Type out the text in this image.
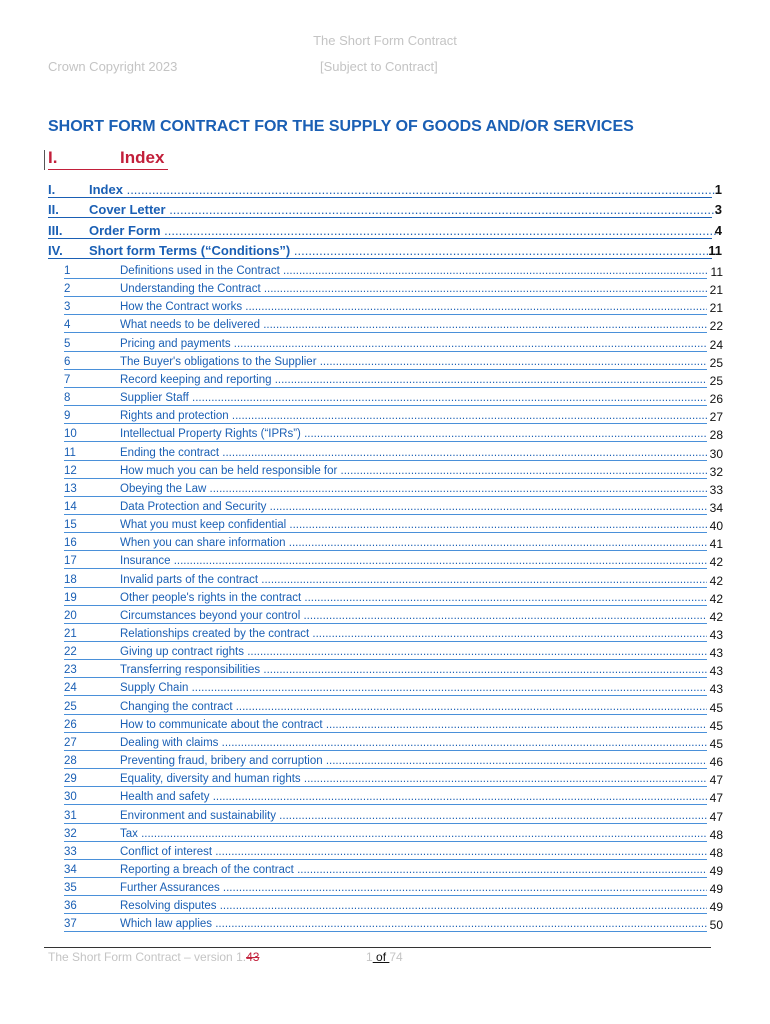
The Short Form Contract
Crown Copyright 2023	[Subject to Contract]
SHORT FORM CONTRACT FOR THE SUPPLY OF GOODS AND/OR SERVICES
I.	Index
I.	Index .....	1
II. Cover Letter .....	3
III. Order Form .....	4
IV. Short form Terms (“Conditions”) .....	11
1	Definitions used in the Contract .....	11
2	Understanding the Contract .....	21
3	How the Contract works .....	21
4	What needs to be delivered .....	22
5	Pricing and payments .....	24
6	The Buyer's obligations to the Supplier .....	25
7	Record keeping and reporting .....	25
8	Supplier Staff .....	26
9	Rights and protection .....	27
10	Intellectual Property Rights (“IPRs”) .....	28
11	Ending the contract .....	30
12	How much you can be held responsible for .....	32
13	Obeying the Law .....	33
14	Data Protection and Security .....	34
15	What you must keep confidential .....	40
16	When you can share information .....	41
17	Insurance .....	42
18	Invalid parts of the contract .....	42
19	Other people's rights in the contract .....	42
20	Circumstances beyond your control .....	42
21	Relationships created by the contract .....	43
22	Giving up contract rights .....	43
23	Transferring responsibilities .....	43
24	Supply Chain .....	43
25	Changing the contract .....	45
26	How to communicate about the contract .....	45
27	Dealing with claims .....	45
28	Preventing fraud, bribery and corruption .....	46
29	Equality, diversity and human rights .....	47
30	Health and safety .....	47
31	Environment and sustainability .....	47
32	Tax .....	48
33	Conflict of interest .....	48
34	Reporting a breach of the contract .....	49
35	Further Assurances .....	49
36	Resolving disputes .....	49
37	Which law applies .....	50
The Short Form Contract – version 1.43	1 of 74
